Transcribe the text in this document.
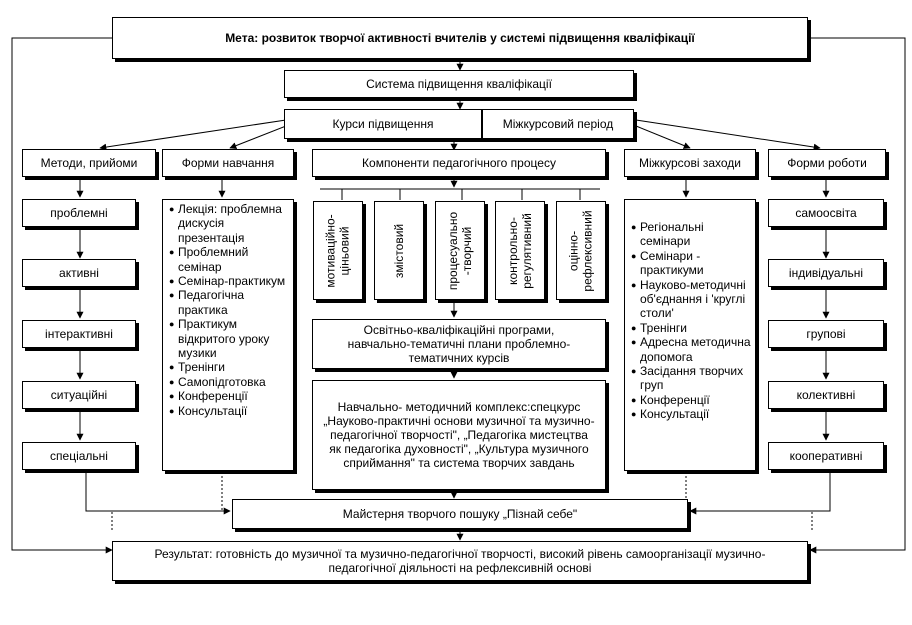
Мета: розвиток творчої активності вчителів у системі підвищення кваліфікації
Система підвищення кваліфікації
Курси підвищення	Міжкурсовий період
Методи, прийоми	Форми навчання	Компоненти педагогічного процесу	Міжкурсові заходи	Форми роботи
проблемні
активні
інтерактивні
ситуаційні
спеціальні
● Лекція: проблемна дискусія презентація
● Проблемний семінар
● Семінар-практикум
● Педагогічна практика
● Практикум відкритого уроку музики
● Тренінги
● Самопідготовка
● Конференції
● Консультації
мотиваційно-
ціньовий	змістовий	процесуально
-творчий	контрольно-
регулятивний	оцінно-
рефлексивний
Освітньо-кваліфікаційні програми, навчально-тематичні плани проблемно-тематичних курсів
Навчально- методичний комплекс:спецкурс „Науково-практичні основи музичної та музично-педагогічної творчості", „Педагогіка мистецтва як педагогіка духовності", „Культура музичного сприймання" та система творчих завдань
● Регіональні семінари
● Семінари - практикуми
● Науково-методичні об'єднання і 'круглі столи'
● Тренінги
● Адресна методична допомога
● Засідання творчих груп
● Конференції
● Консультації
самоосвіта
індивідуальні
групові
колективні
кооперативні
Майстерня творчого пошуку „Пізнай себе"
Результат: готовність до музичної та музично-педагогічної творчості, високий рівень самоорганізації музично-педагогічної діяльності на рефлексивній основі
